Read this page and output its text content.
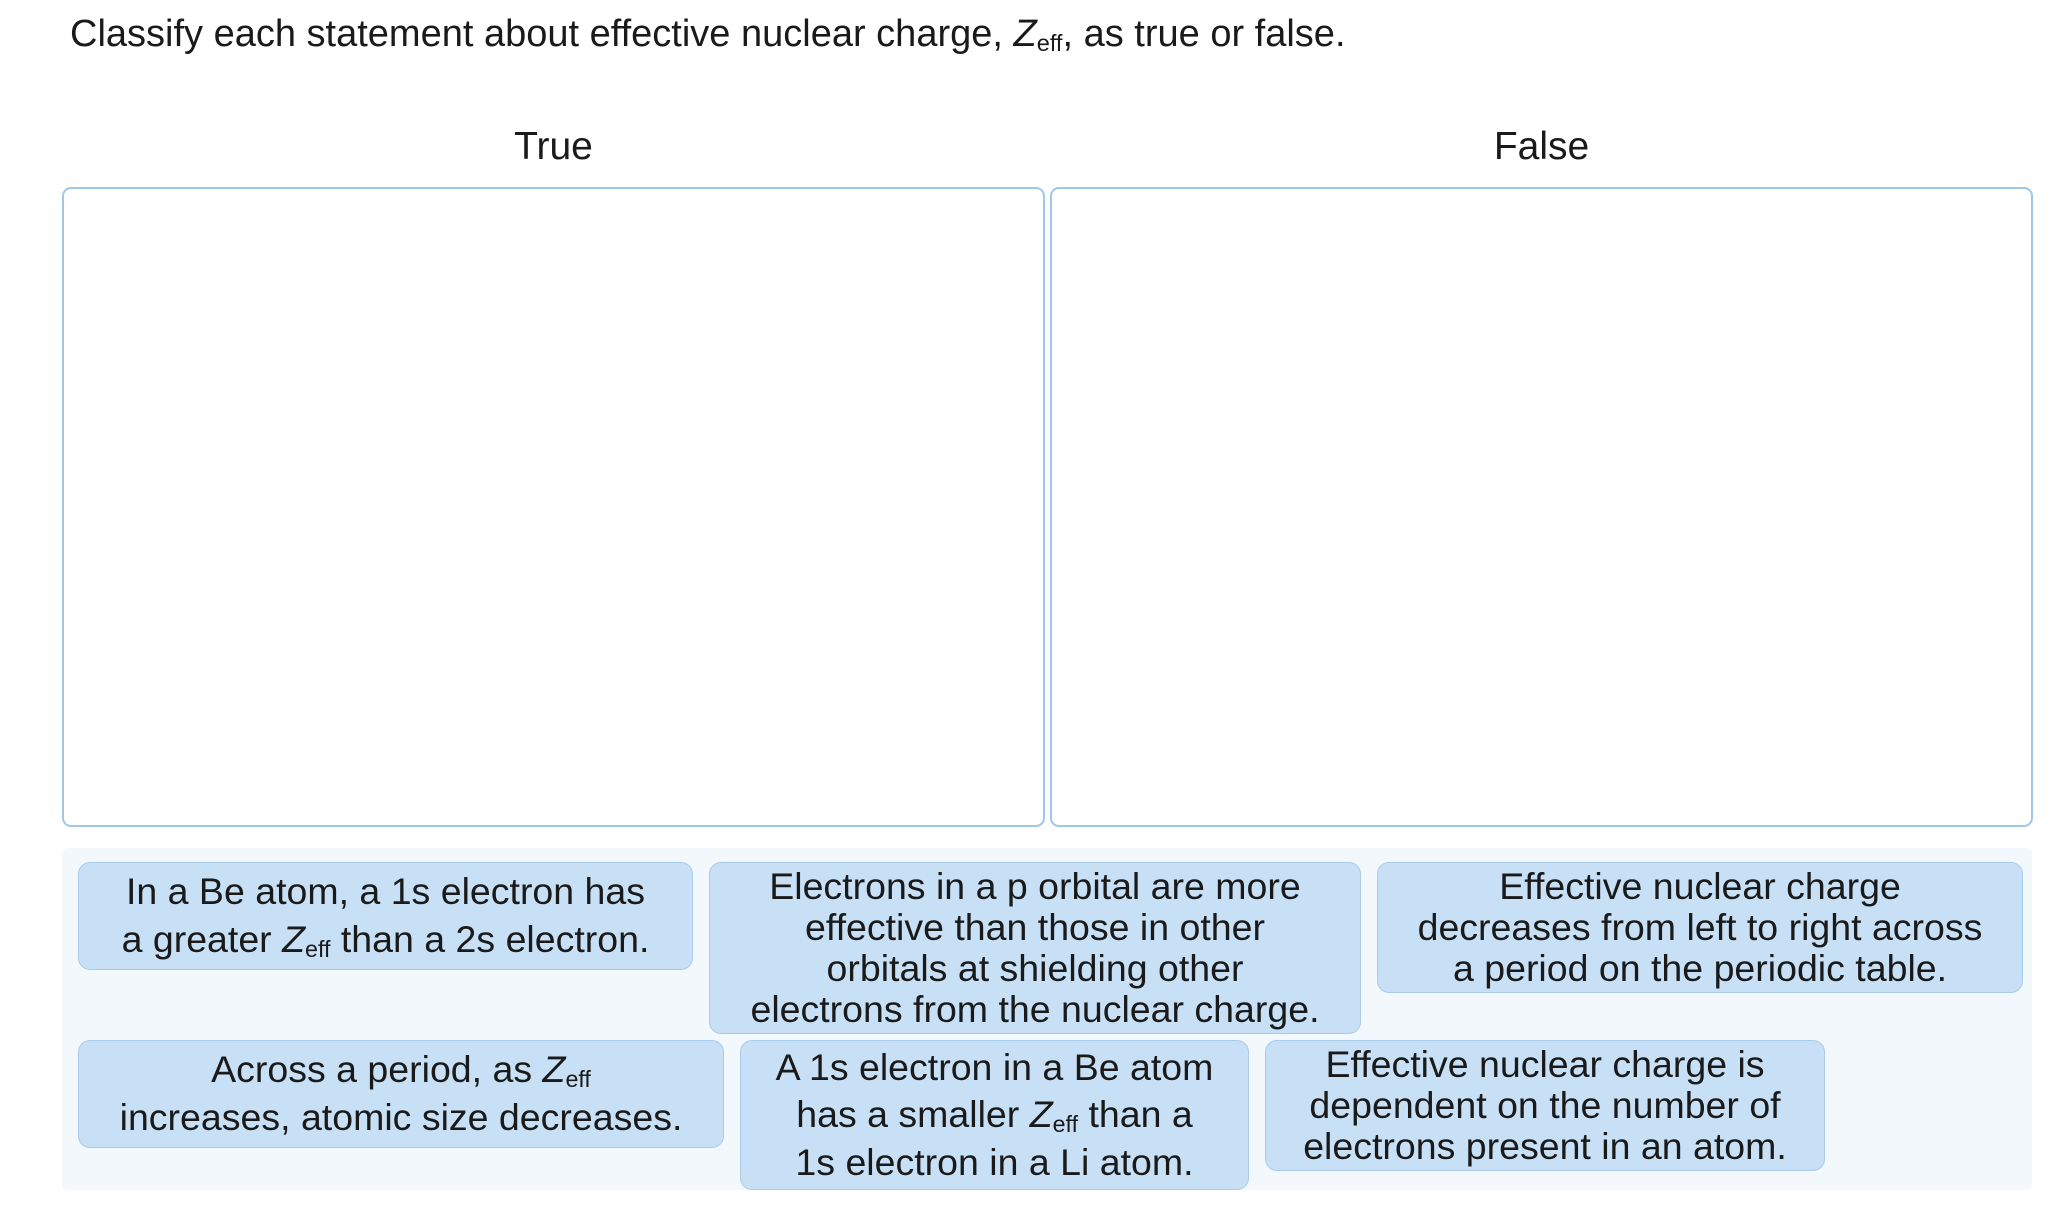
Classify each statement about effective nuclear charge, $Z_{eff}$, as true or false.
True	False
In a Be atom, a 1s electron has
a greater $Z_{eff}$ than a 2s electron.
Electrons in a p orbital are more
effective than those in other
orbitals at shielding other
electrons from the nuclear charge.
Effective nuclear charge
decreases from left to right across
a period on the periodic table.
Across a period, as $Z_{eff}$
increases, atomic size decreases.
A 1s electron in a Be atom
has a smaller $Z_{eff}$ than a
1s electron in a Li atom.
Effective nuclear charge is
dependent on the number of
electrons present in an atom.
